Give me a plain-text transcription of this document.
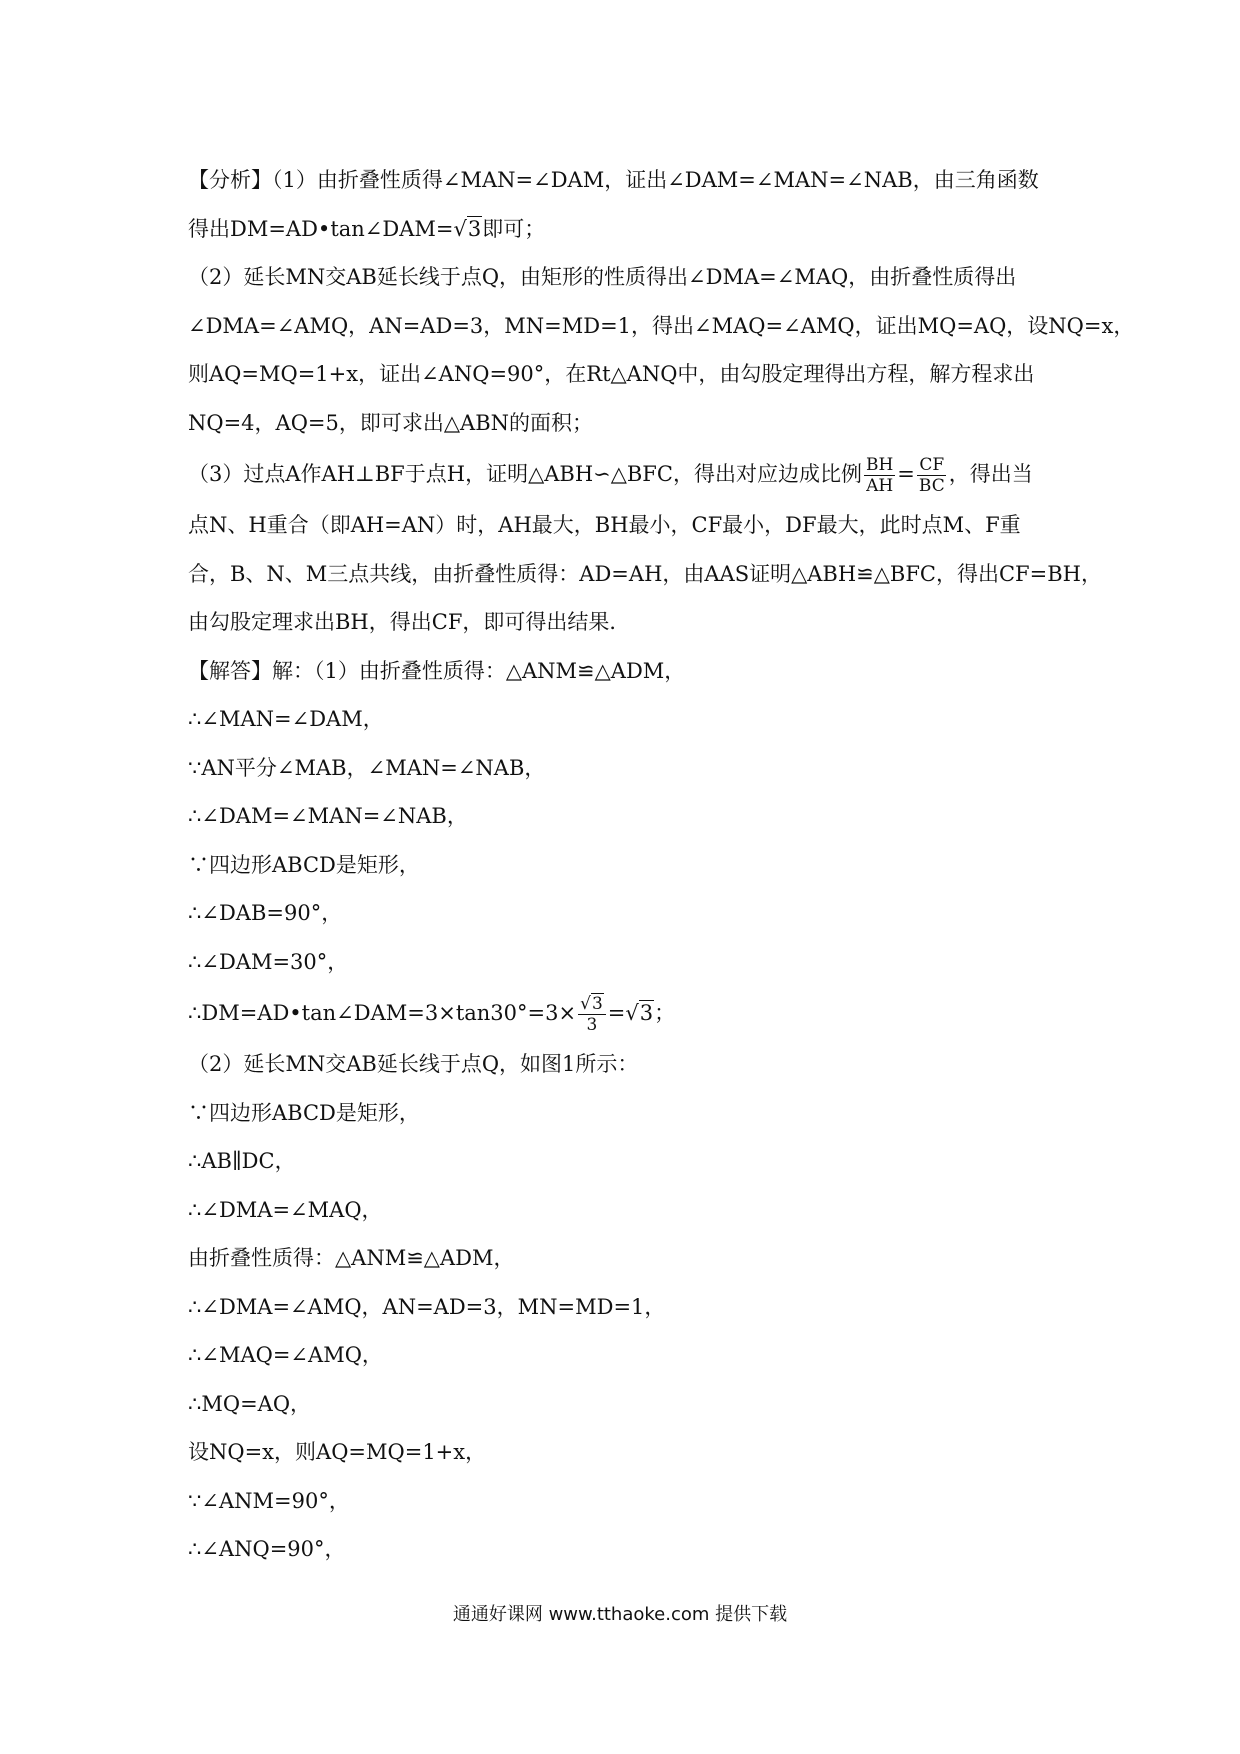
【分析】（1）由折叠性质得∠MAN=∠DAM，证出∠DAM=∠MAN=∠NAB，由三角函数
得出DM=AD•tan∠DAM=√3即可；
（2）延长MN交AB延长线于点Q，由矩形的性质得出∠DMA=∠MAQ，由折叠性质得出
∠DMA=∠AMQ，AN=AD=3，MN=MD=1，得出∠MAQ=∠AMQ，证出MQ=AQ，设NQ=x，
则AQ=MQ=1+x，证出∠ANQ=90°，在Rt△ANQ中，由勾股定理得出方程，解方程求出
NQ=4，AQ=5，即可求出△ABN的面积；
（3）过点A作AH⊥BF于点H，证明△ABH∽△BFC，得出对应边成比例 $\frac{BH}{AH} = \frac{CF}{BC}$ ，得出当
点N、H重合（即AH=AN）时，AH最大，BH最小，CF最小，DF最大，此时点M、F重
合，B、N、M三点共线，由折叠性质得：AD=AH，由AAS证明△ABH≌△BFC，得出CF=BH，
由勾股定理求出BH，得出CF，即可得出结果．
【解答】解：（1）由折叠性质得：△ANM≌△ADM，
∴∠MAN=∠DAM，
∵AN平分∠MAB，∠MAN=∠NAB，
∴∠DAM=∠MAN=∠NAB，
∵四边形ABCD是矩形，
∴∠DAB=90°，
∴∠DAM=30°，
∴DM=AD•tan∠DAM=3×tan30°=3× $\frac{√3}{3} =√3$；
（2）延长MN交AB延长线于点Q，如图1所示：
∵四边形ABCD是矩形，
∴AB∥DC，
∴∠DMA=∠MAQ，
由折叠性质得：△ANM≌△ADM，
∴∠DMA=∠AMQ，AN=AD=3，MN=MD=1，
∴∠MAQ=∠AMQ，
∴MQ=AQ，
设NQ=x，则AQ=MQ=1+x，
∵∠ANM=90°，
∴∠ANQ=90°，
通通好课网 www.tthaoke.com 提供下载
